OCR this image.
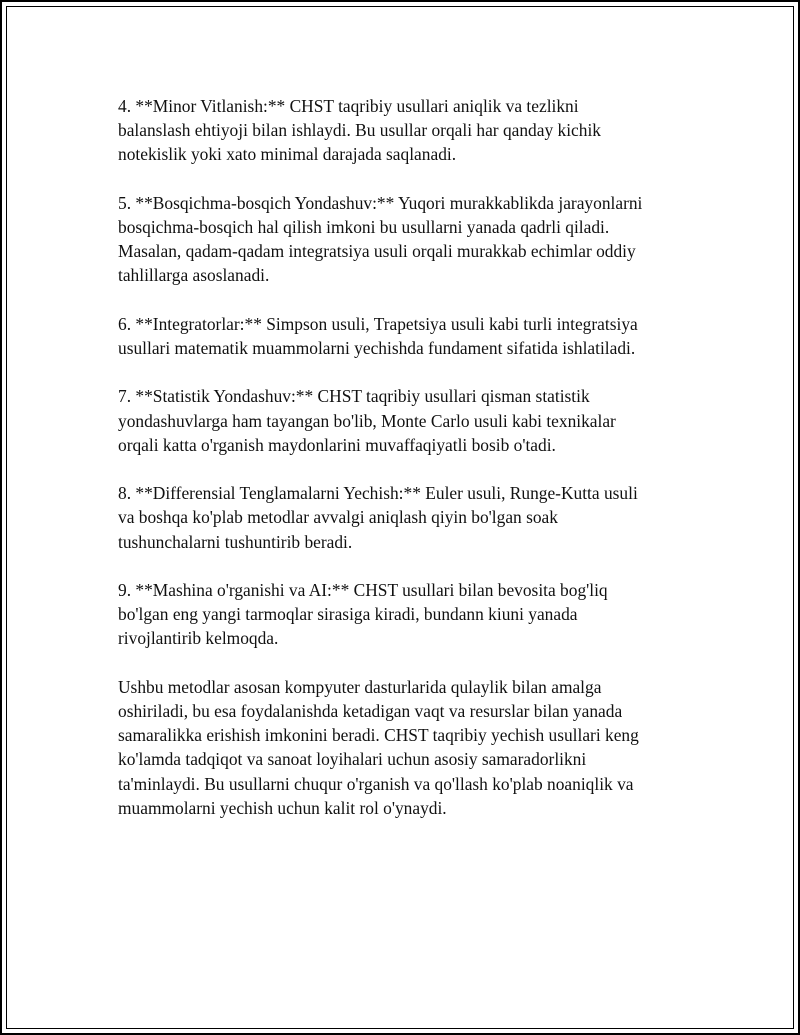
4. **Minor Vitlanish:** CHST taqribiy usullari aniqlik va tezlikni
balanslash ehtiyoji bilan ishlaydi. Bu usullar orqali har qanday kichik
notekislik yoki xato minimal darajada saqlanadi.

5. **Bosqichma-bosqich Yondashuv:** Yuqori murakkablikda jarayonlarni
bosqichma-bosqich hal qilish imkoni bu usullarni yanada qadrli qiladi.
Masalan, qadam-qadam integratsiya usuli orqali murakkab echimlar oddiy
tahlillarga asoslanadi.

6. **Integratorlar:** Simpson usuli, Trapetsiya usuli kabi turli integratsiya
usullari matematik muammolarni yechishda fundament sifatida ishlatiladi.

7. **Statistik Yondashuv:** CHST taqribiy usullari qisman statistik
yondashuvlarga ham tayangan bo'lib, Monte Carlo usuli kabi texnikalar
orqali katta o'rganish maydonlarini muvaffaqiyatli bosib o'tadi.

8. **Differensial Tenglamalarni Yechish:** Euler usuli, Runge-Kutta usuli
va boshqa ko'plab metodlar avvalgi aniqlash qiyin bo'lgan soak
tushunchalarni tushuntirib beradi.

9. **Mashina o'rganishi va AI:** CHST usullari bilan bevosita bog'liq
bo'lgan eng yangi tarmoqlar sirasiga kiradi, bundann kiuni yanada
rivojlantirib kelmoqda.

Ushbu metodlar asosan kompyuter dasturlarida qulaylik bilan amalga
oshiriladi, bu esa foydalanishda ketadigan vaqt va resurslar bilan yanada
samaralikka erishish imkonini beradi. CHST taqribiy yechish usullari keng
ko'lamda tadqiqot va sanoat loyihalari uchun asosiy samaradorlikni
ta'minlaydi. Bu usullarni chuqur o'rganish va qo'llash ko'plab noaniqlik va
muammolarni yechish uchun kalit rol o'ynaydi.
